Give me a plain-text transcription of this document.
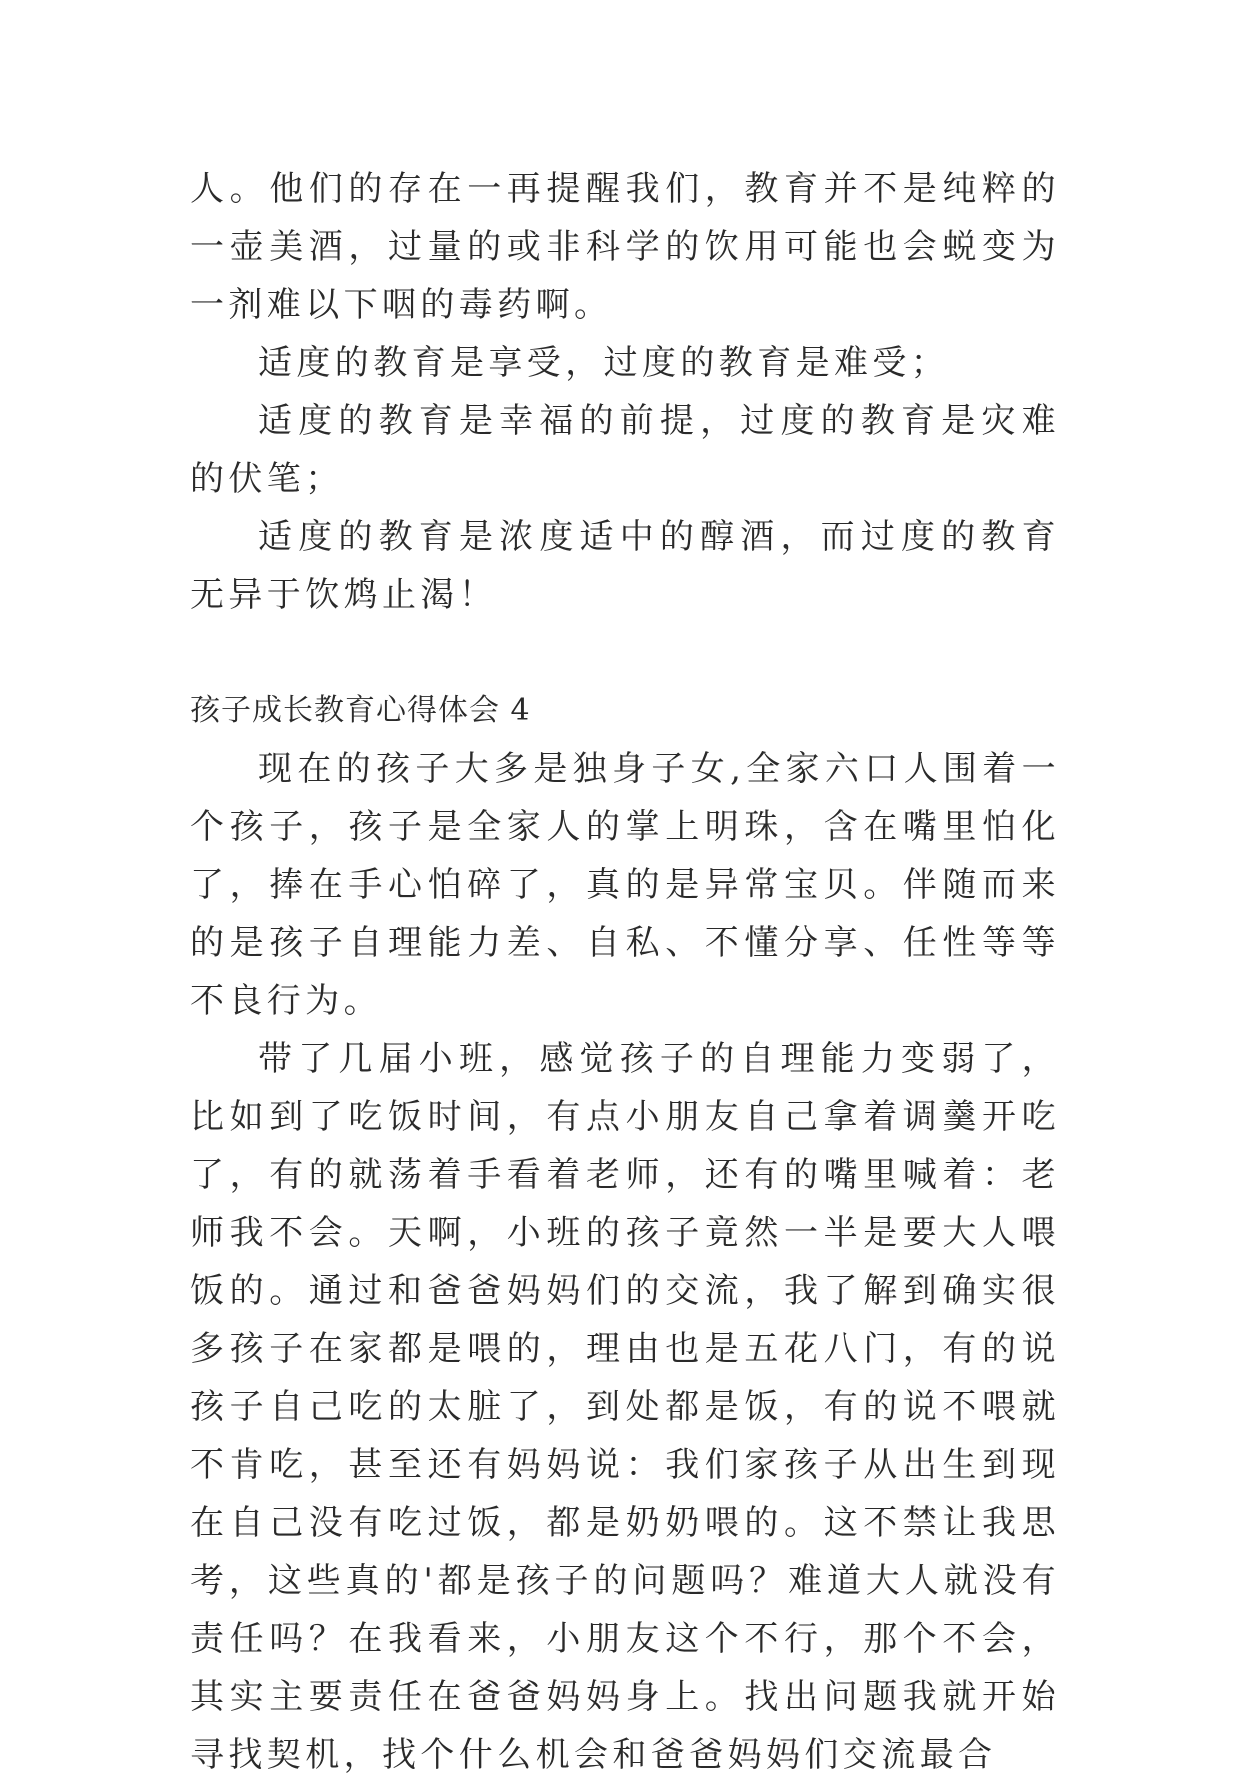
人。他们的存在一再提醒我们，教育并不是纯粹的一壶美酒，过量的或非科学的饮用可能也会蜕变为一剂难以下咽的毒药啊。

适度的教育是享受，过度的教育是难受；

适度的教育是幸福的前提，过度的教育是灾难的伏笔；

适度的教育是浓度适中的醇酒，而过度的教育无异于饮鸩止渴！

孩子成长教育心得体会 4

现在的孩子大多是独身子女,全家六口人围着一个孩子，孩子是全家人的掌上明珠，含在嘴里怕化了，捧在手心怕碎了，真的是异常宝贝。伴随而来的是孩子自理能力差、自私、不懂分享、任性等等不良行为。

带了几届小班，感觉孩子的自理能力变弱了，比如到了吃饭时间，有点小朋友自己拿着调羹开吃了，有的就荡着手看着老师，还有的嘴里喊着：老师我不会。天啊，小班的孩子竟然一半是要大人喂饭的。通过和爸爸妈妈们的交流，我了解到确实很多孩子在家都是喂的，理由也是五花八门，有的说孩子自己吃的太脏了，到处都是饭，有的说不喂就不肯吃，甚至还有妈妈说：我们家孩子从出生到现在自己没有吃过饭，都是奶奶喂的。这不禁让我思考，这些真的'都是孩子的问题吗？难道大人就没有责任吗？在我看来，小朋友这个不行，那个不会，其实主要责任在爸爸妈妈身上。找出问题我就开始寻找契机，找个什么机会和爸爸妈妈们交流最合
